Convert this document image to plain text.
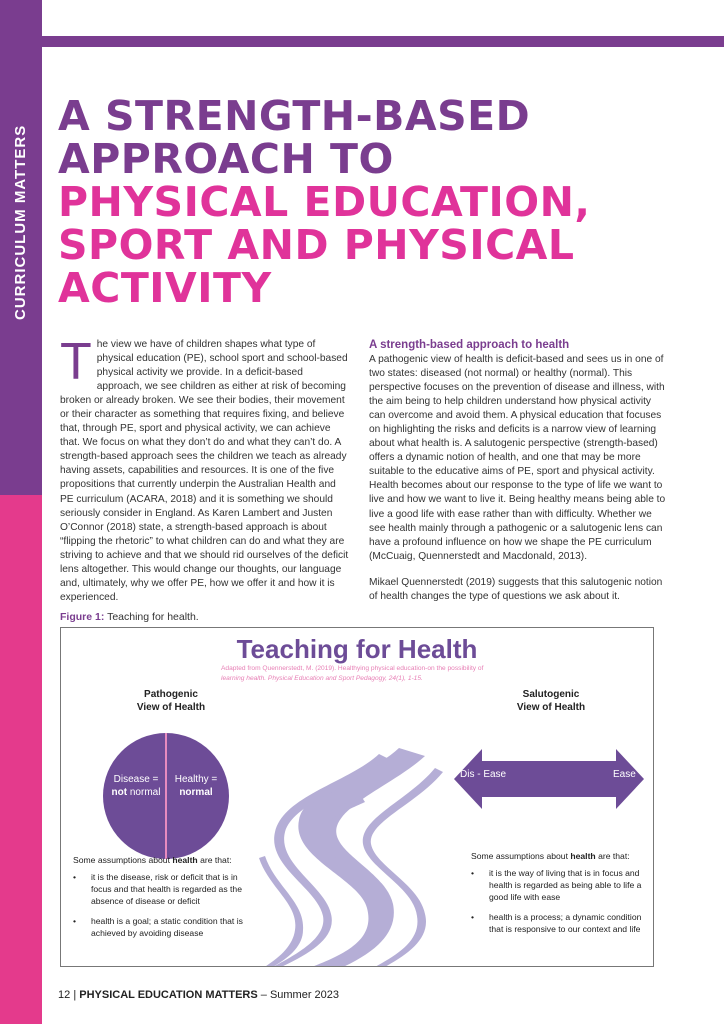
CURRICULUM MATTERS
A STRENGTH-BASED
APPROACH TO
PHYSICAL EDUCATION,
SPORT AND PHYSICAL
ACTIVITY
The view we have of children shapes what type of physical education (PE), school sport and school-based physical activity we provide. In a deficit-based approach, we see children as either at risk of becoming broken or already broken. We see their bodies, their movement or their character as something that requires fixing, and believe that, through PE, sport and physical activity, we can achieve that. We focus on what they don’t do and what they can’t do. A strength-based approach sees the children we teach as already having assets, capabilities and resources. It is one of the five propositions that currently underpin the Australian Health and PE curriculum (ACARA, 2018) and it is something we should seriously consider in England. As Karen Lambert and Justen O’Connor (2018) state, a strength-based approach is about “flipping the rhetoric” to what children can do and what they are striving to achieve and that we should rid ourselves of the deficit lens altogether. This would change our thoughts, our language and, ultimately, why we offer PE, how we offer it and how it is experienced.
A strength-based approach to health

A pathogenic view of health is deficit-based and sees us in one of two states: diseased (not normal) or healthy (normal). This perspective focuses on the prevention of disease and illness, with the aim being to help children understand how physical activity can overcome and avoid them. A physical education that focuses on highlighting the risks and deficits is a narrow view of learning about what health is. A salutogenic perspective (strength-based) offers a dynamic notion of health, and one that may be more suitable to the educative aims of PE, sport and physical activity. Health becomes about our response to the type of life we want to live and how we want to live it. Being healthy means being able to live a good life with ease rather than with difficulty. Whether we see health mainly through a pathogenic or a salutogenic lens can have a profound influence on how we shape the PE curriculum (McCuaig, Quennerstedt and Macdonald, 2013).

Mikael Quennerstedt (2019) suggests that this salutogenic notion of health changes the type of questions we ask about it.

Figure 1: Teaching for health.
Teaching for Health
Adapted from Quennerstedt, M. (2019). Healthying physical education-on the possibility of
learning health. Physical Education and Sport Pedagogy, 24(1), 1-15.
Pathogenic
View of Health
Salutogenic
View of Health
Disease =
not normal
Healthy =
normal
Dis - Ease	Ease
Some assumptions about health are that:
• it is the disease, risk or deficit that is in focus and that health is regarded as the absence of disease or deficit
• health is a goal; a static condition that is achieved by avoiding disease
Some assumptions about health are that:
• it is the way of living that is in focus and health is regarded as being able to life a good life with ease
• health is a process; a dynamic condition that is responsive to our context and life
12 | PHYSICAL EDUCATION MATTERS – Summer 2023
